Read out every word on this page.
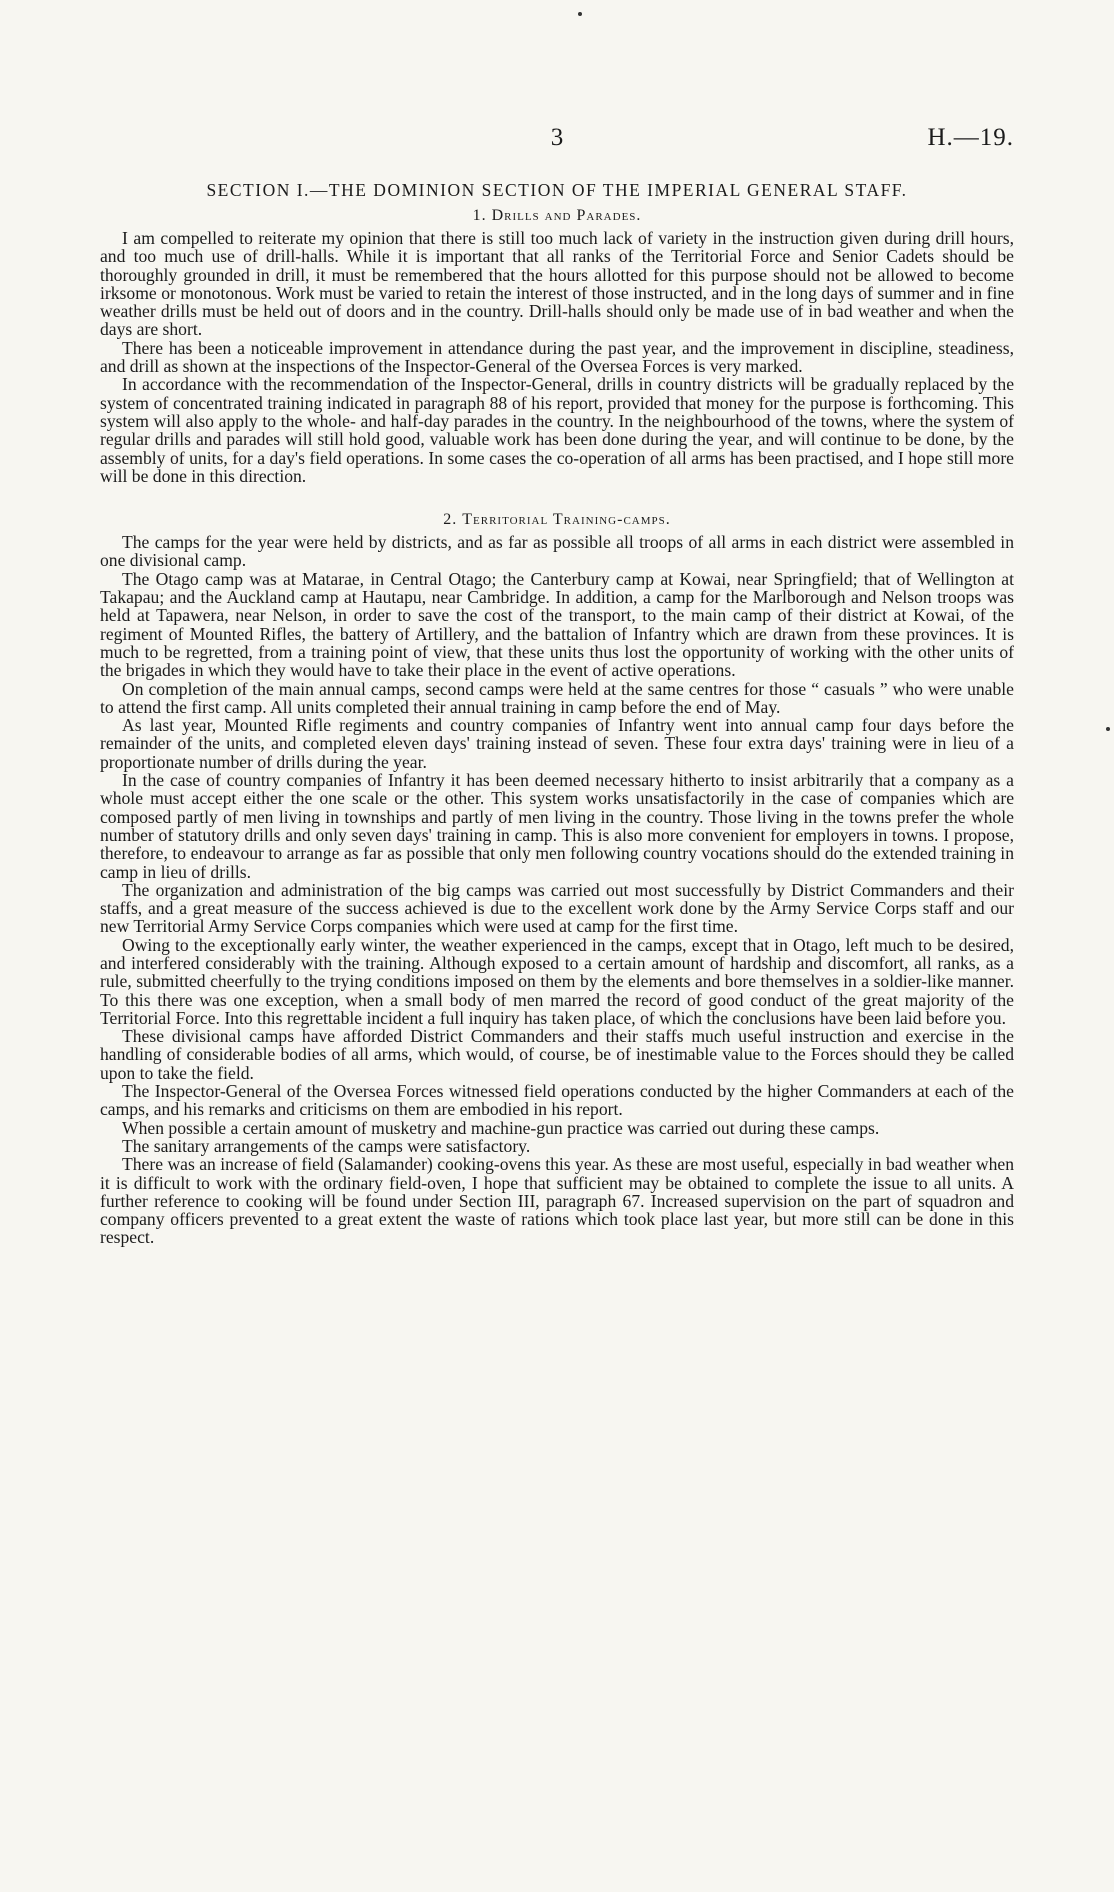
3	H.—19.
SECTION I.—THE DOMINION SECTION OF THE IMPERIAL GENERAL STAFF.
1. Drills and Parades.

I am compelled to reiterate my opinion that there is still too much lack of variety in the instruction given during drill hours, and too much use of drill-halls. While it is important that all ranks of the Territorial Force and Senior Cadets should be thoroughly grounded in drill, it must be remembered that the hours allotted for this purpose should not be allowed to become irksome or monotonous. Work must be varied to retain the interest of those instructed, and in the long days of summer and in fine weather drills must be held out of doors and in the country. Drill-halls should only be made use of in bad weather and when the days are short.

There has been a noticeable improvement in attendance during the past year, and the improvement in discipline, steadiness, and drill as shown at the inspections of the Inspector-General of the Oversea Forces is very marked.

In accordance with the recommendation of the Inspector-General, drills in country districts will be gradually replaced by the system of concentrated training indicated in paragraph 88 of his report, provided that money for the purpose is forthcoming. This system will also apply to the whole- and half-day parades in the country. In the neighbourhood of the towns, where the system of regular drills and parades will still hold good, valuable work has been done during the year, and will continue to be done, by the assembly of units, for a day's field operations. In some cases the co-operation of all arms has been practised, and I hope still more will be done in this direction.

2. Territorial Training-camps.

The camps for the year were held by districts, and as far as possible all troops of all arms in each district were assembled in one divisional camp.

The Otago camp was at Matarae, in Central Otago; the Canterbury camp at Kowai, near Springfield; that of Wellington at Takapau; and the Auckland camp at Hautapu, near Cambridge. In addition, a camp for the Marlborough and Nelson troops was held at Tapawera, near Nelson, in order to save the cost of the transport, to the main camp of their district at Kowai, of the regiment of Mounted Rifles, the battery of Artillery, and the battalion of Infantry which are drawn from these provinces. It is much to be regretted, from a training point of view, that these units thus lost the opportunity of working with the other units of the brigades in which they would have to take their place in the event of active operations.

On completion of the main annual camps, second camps were held at the same centres for those “ casuals ” who were unable to attend the first camp. All units completed their annual training in camp before the end of May.

As last year, Mounted Rifle regiments and country companies of Infantry went into annual camp four days before the remainder of the units, and completed eleven days' training instead of seven. These four extra days' training were in lieu of a proportionate number of drills during the year.

In the case of country companies of Infantry it has been deemed necessary hitherto to insist arbitrarily that a company as a whole must accept either the one scale or the other. This system works unsatisfactorily in the case of companies which are composed partly of men living in townships and partly of men living in the country. Those living in the towns prefer the whole number of statutory drills and only seven days' training in camp. This is also more convenient for employers in towns. I propose, therefore, to endeavour to arrange as far as possible that only men following country vocations should do the extended training in camp in lieu of drills.

The organization and administration of the big camps was carried out most successfully by District Commanders and their staffs, and a great measure of the success achieved is due to the excellent work done by the Army Service Corps staff and our new Territorial Army Service Corps companies which were used at camp for the first time.

Owing to the exceptionally early winter, the weather experienced in the camps, except that in Otago, left much to be desired, and interfered considerably with the training. Although exposed to a certain amount of hardship and discomfort, all ranks, as a rule, submitted cheerfully to the trying conditions imposed on them by the elements and bore themselves in a soldier-like manner. To this there was one exception, when a small body of men marred the record of good conduct of the great majority of the Territorial Force. Into this regrettable incident a full inquiry has taken place, of which the conclusions have been laid before you.

These divisional camps have afforded District Commanders and their staffs much useful instruction and exercise in the handling of considerable bodies of all arms, which would, of course, be of inestimable value to the Forces should they be called upon to take the field.

The Inspector-General of the Oversea Forces witnessed field operations conducted by the higher Commanders at each of the camps, and his remarks and criticisms on them are embodied in his report.

When possible a certain amount of musketry and machine-gun practice was carried out during these camps.

The sanitary arrangements of the camps were satisfactory.

There was an increase of field (Salamander) cooking-ovens this year. As these are most useful, especially in bad weather when it is difficult to work with the ordinary field-oven, I hope that sufficient may be obtained to complete the issue to all units. A further reference to cooking will be found under Section III, paragraph 67. Increased supervision on the part of squadron and company officers prevented to a great extent the waste of rations which took place last year, but more still can be done in this respect.
